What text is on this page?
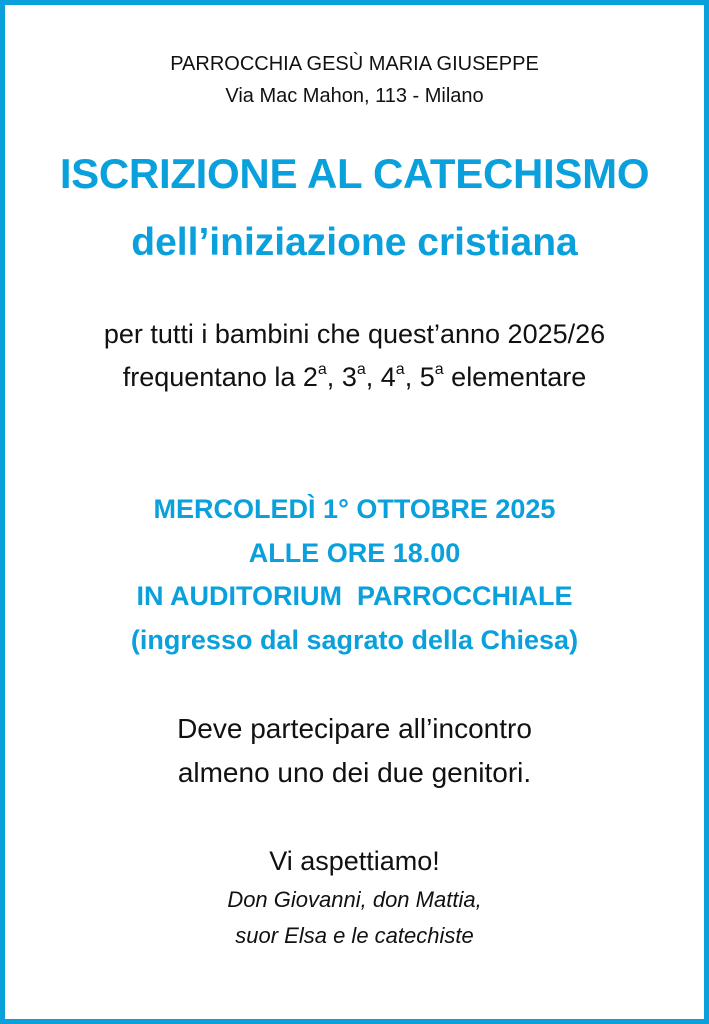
PARROCCHIA GESÙ MARIA GIUSEPPE

Via Mac Mahon, 113 - Milano

ISCRIZIONE AL CATECHISMO
dell’iniziazione cristiana

per tutti i bambini che quest’anno 2025/26

frequentano la 2$^a$, 3$^a$, 4$^a$, 5$^a$ elementare

MERCOLEDÌ 1° OTTOBRE 2025

ALLE ORE 18.00

IN AUDITORIUM  PARROCCHIALE

(ingresso dal sagrato della Chiesa)

Deve partecipare all’incontro

almeno uno dei due genitori.

Vi aspettiamo!

Don Giovanni, don Mattia,

suor Elsa e le catechiste
